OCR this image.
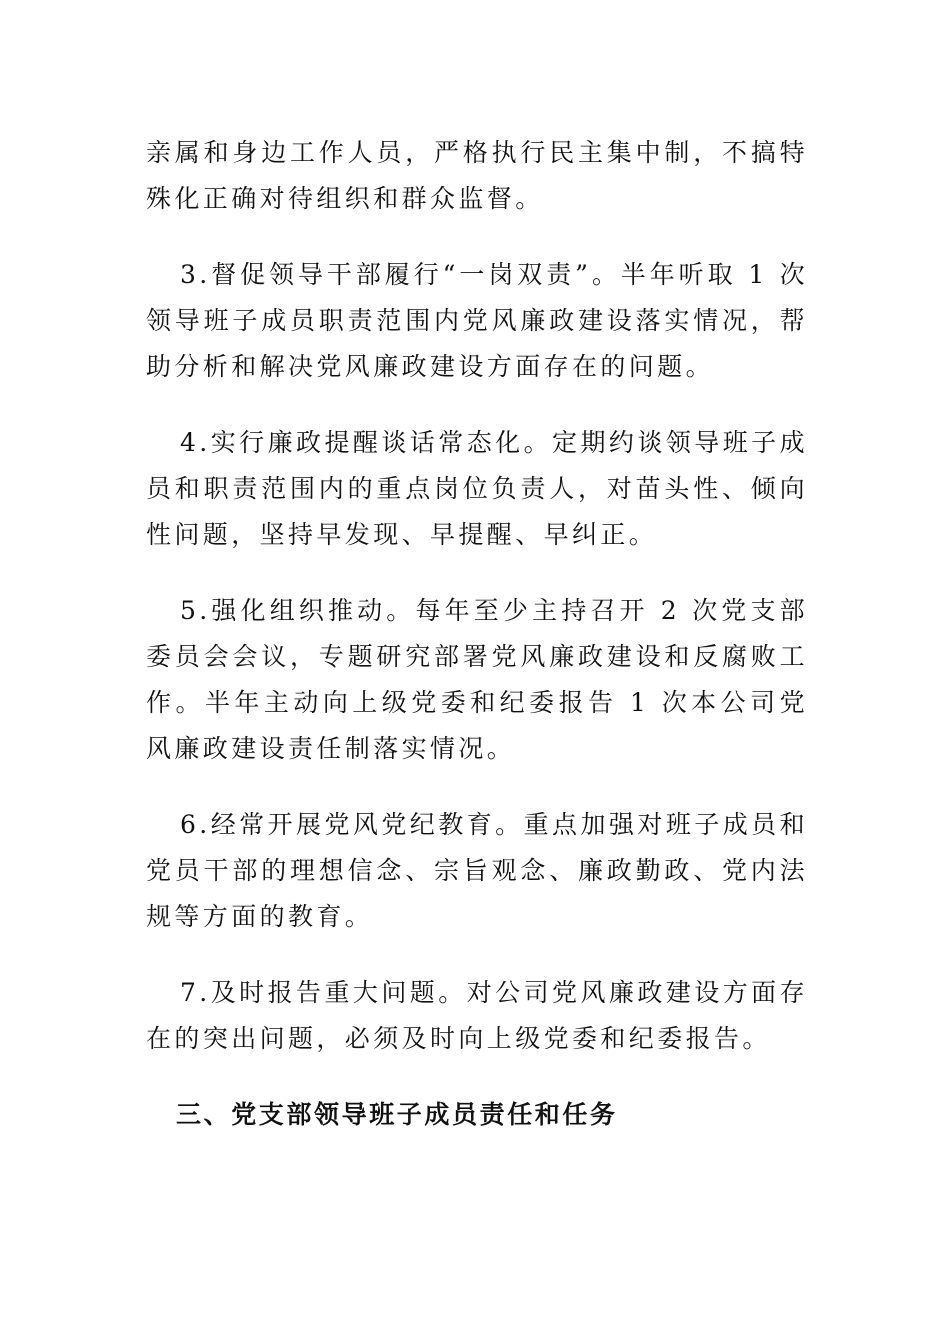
亲属和身边工作人员，严格执行民主集中制，不搞特殊化正确对待组织和群众监督。

3.督促领导干部履行“一岗双责”。半年听取 1 次领导班子成员职责范围内党风廉政建设落实情况，帮助分析和解决党风廉政建设方面存在的问题。

4.实行廉政提醒谈话常态化。定期约谈领导班子成员和职责范围内的重点岗位负责人，对苗头性、倾向性问题，坚持早发现、早提醒、早纠正。

5.强化组织推动。每年至少主持召开 2 次党支部委员会会议，专题研究部署党风廉政建设和反腐败工作。半年主动向上级党委和纪委报告 1 次本公司党风廉政建设责任制落实情况。

6.经常开展党风党纪教育。重点加强对班子成员和党员干部的理想信念、宗旨观念、廉政勤政、党内法规等方面的教育。

7.及时报告重大问题。对公司党风廉政建设方面存在的突出问题，必须及时向上级党委和纪委报告。

三、党支部领导班子成员责任和任务
